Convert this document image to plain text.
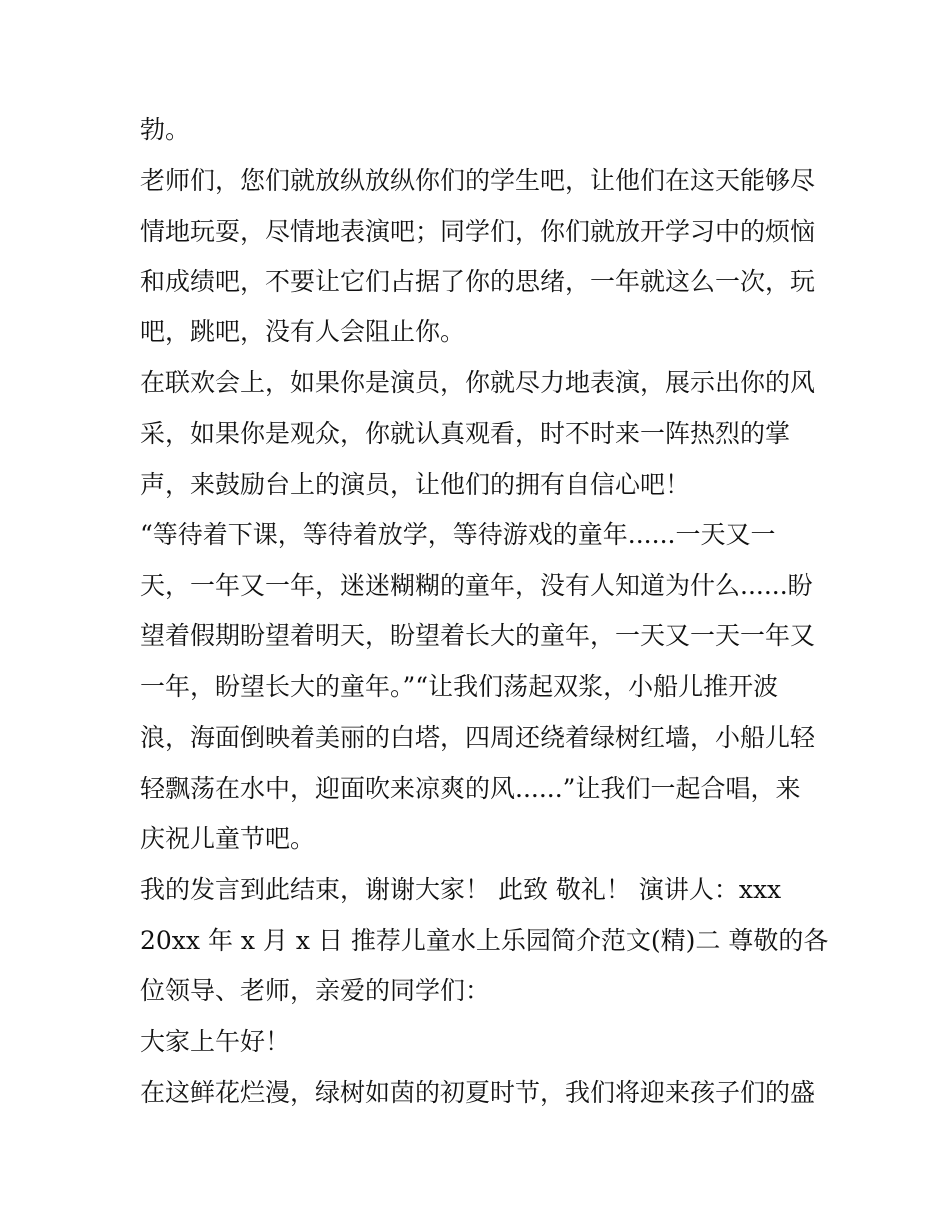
勃。
老师们，您们就放纵放纵你们的学生吧，让他们在这天能够尽
情地玩耍，尽情地表演吧；同学们，你们就放开学习中的烦恼
和成绩吧，不要让它们占据了你的思绪，一年就这么一次，玩
吧，跳吧，没有人会阻止你。
在联欢会上，如果你是演员，你就尽力地表演，展示出你的风
采，如果你是观众，你就认真观看，时不时来一阵热烈的掌
声，来鼓励台上的演员，让他们的拥有自信心吧！
“等待着下课，等待着放学，等待游戏的童年......一天又一
天，一年又一年，迷迷糊糊的童年，没有人知道为什么......盼
望着假期盼望着明天，盼望着长大的童年，一天又一天一年又
一年，盼望长大的童年。”“让我们荡起双浆，小船儿推开波
浪，海面倒映着美丽的白塔，四周还绕着绿树红墙，小船儿轻
轻飘荡在水中，迎面吹来凉爽的风......”让我们一起合唱，来
庆祝儿童节吧。
我的发言到此结束，谢谢大家！ 此致 敬礼！ 演讲人：xxx
20xx 年 x 月 x 日 推荐儿童水上乐园简介范文(精)二 尊敬的各
位领导、老师，亲爱的同学们：
大家上午好！
在这鲜花烂漫，绿树如茵的初夏时节，我们将迎来孩子们的盛
